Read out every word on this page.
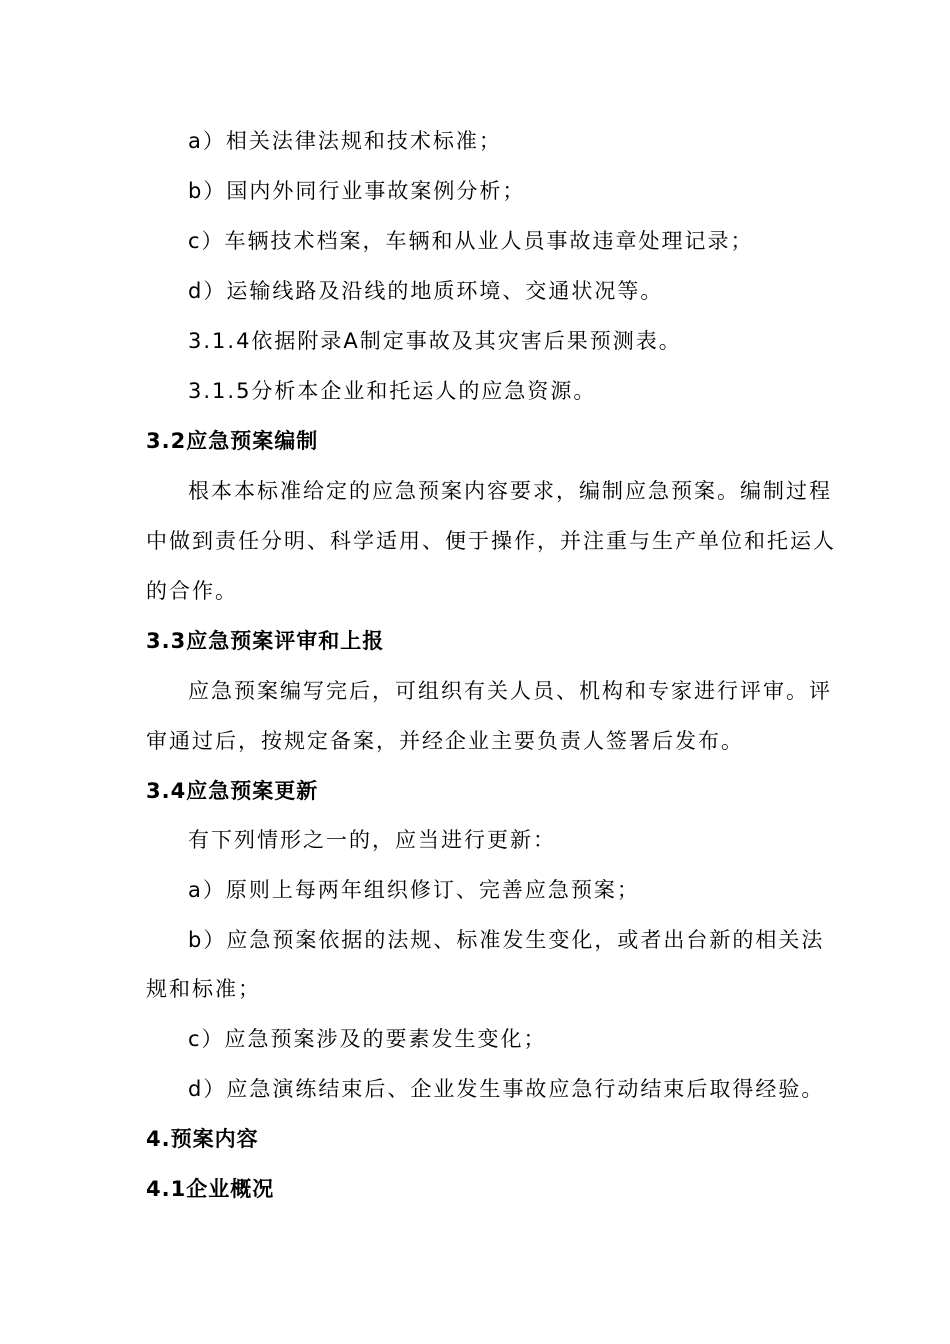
a）相关法律法规和技术标准；
b）国内外同行业事故案例分析；
c）车辆技术档案，车辆和从业人员事故违章处理记录；
d）运输线路及沿线的地质环境、交通状况等。
3.1.4依据附录A制定事故及其灾害后果预测表。
3.1.5分析本企业和托运人的应急资源。
3.2应急预案编制
根本本标准给定的应急预案内容要求，编制应急预案。编制过程
中做到责任分明、科学适用、便于操作，并注重与生产单位和托运人
的合作。
3.3应急预案评审和上报
应急预案编写完后，可组织有关人员、机构和专家进行评审。评
审通过后，按规定备案，并经企业主要负责人签署后发布。
3.4应急预案更新
有下列情形之一的，应当进行更新：
a）原则上每两年组织修订、完善应急预案；
b）应急预案依据的法规、标准发生变化，或者出台新的相关法
规和标准；
c）应急预案涉及的要素发生变化；
d）应急演练结束后、企业发生事故应急行动结束后取得经验。
4.预案内容
4.1企业概况
